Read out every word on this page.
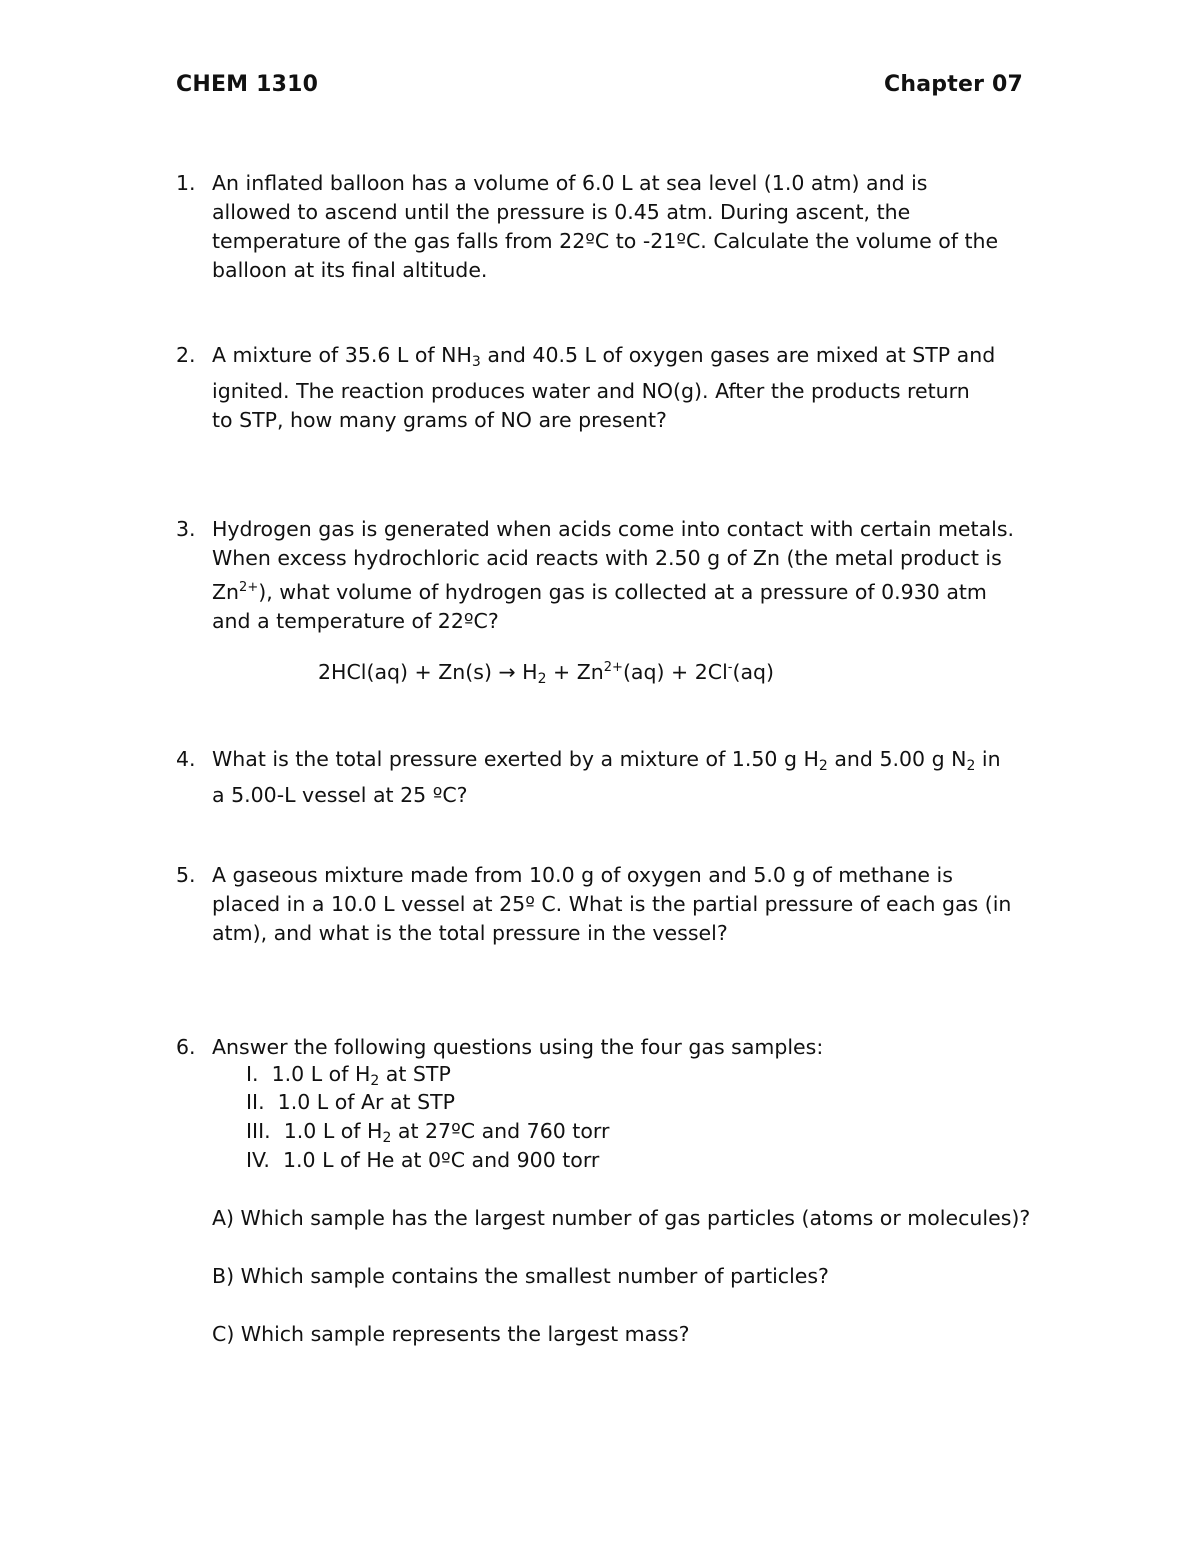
CHEM 1310	Chapter 07
1. An inflated balloon has a volume of 6.0 L at sea level (1.0 atm) and is
allowed to ascend until the pressure is 0.45 atm. During ascent, the
temperature of the gas falls from 22ºC to -21ºC. Calculate the volume of the
balloon at its final altitude.
2. A mixture of 35.6 L of $NH_3$ and 40.5 L of oxygen gases are mixed at STP and
ignited. The reaction produces water and NO(g). After the products return
to STP, how many grams of NO are present?
3. Hydrogen gas is generated when acids come into contact with certain metals.
When excess hydrochloric acid reacts with 2.50 g of Zn (the metal product is
$Zn^{2+}$), what volume of hydrogen gas is collected at a pressure of 0.930 atm
and a temperature of 22ºC?
$2HCl(aq) + Zn(s) \to H_2 + Zn^{2+}(aq) + 2Cl^-(aq)$
4. What is the total pressure exerted by a mixture of 1.50 g $H_2$ and 5.00 g $N_2$ in
a 5.00-L vessel at 25 ºC?
5. A gaseous mixture made from 10.0 g of oxygen and 5.0 g of methane is
placed in a 10.0 L vessel at 25º C. What is the partial pressure of each gas (in
atm), and what is the total pressure in the vessel?
6. Answer the following questions using the four gas samples:
I. 1.0 L of $H_2$ at STP
II. 1.0 L of Ar at STP
III. 1.0 L of $H_2$ at 27ºC and 760 torr
IV. 1.0 L of He at 0ºC and 900 torr
A) Which sample has the largest number of gas particles (atoms or molecules)?
B) Which sample contains the smallest number of particles?
C) Which sample represents the largest mass?
